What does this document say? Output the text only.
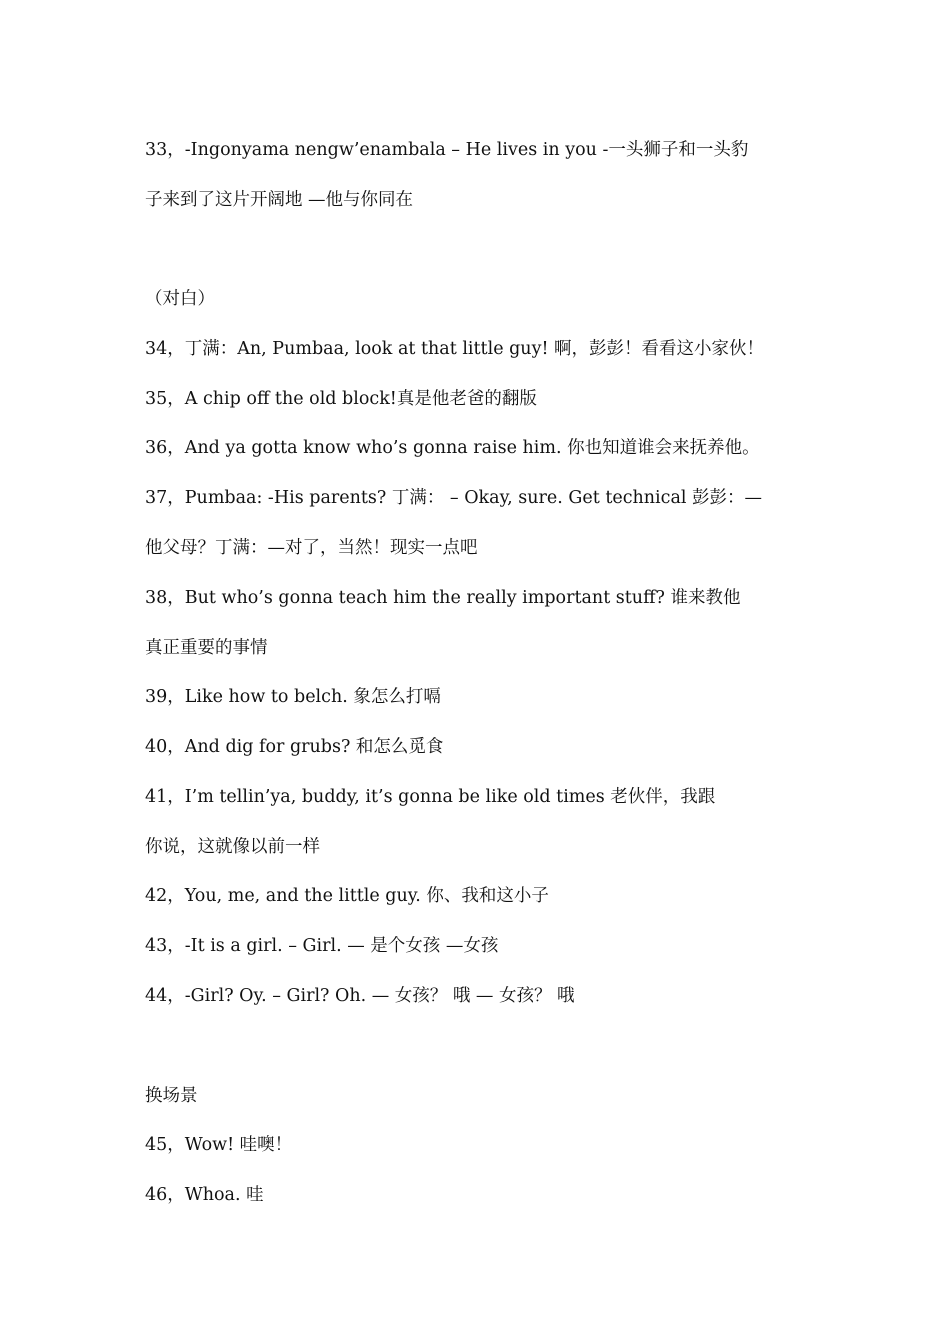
33，-Ingonyama nengw’enambala – He lives in you -一头狮子和一头豹
子来到了这片开阔地 —他与你同在
（对白）
34，丁满：An, Pumbaa, look at that little guy! 啊，彭彭！看看这小家伙！
35，A chip off the old block!真是他老爸的翻版
36，And ya gotta know who’s gonna raise him. 你也知道谁会来抚养他。
37，Pumbaa: -His parents? 丁满： – Okay, sure. Get technical 彭彭：—
他父母？丁满：—对了，当然！现实一点吧
38，But who’s gonna teach him the really important stuff? 谁来教他
真正重要的事情
39，Like how to belch. 象怎么打嗝
40，And dig for grubs? 和怎么觅食
41，I’m tellin’ya, buddy, it’s gonna be like old times 老伙伴，我跟
你说，这就像以前一样
42，You, me, and the little guy. 你、我和这小子
43，-It is a girl. – Girl. — 是个女孩 —女孩
44，-Girl? Oy. – Girl? Oh. — 女孩？ 哦 — 女孩？ 哦
换场景
45，Wow! 哇噢！
46，Whoa. 哇
